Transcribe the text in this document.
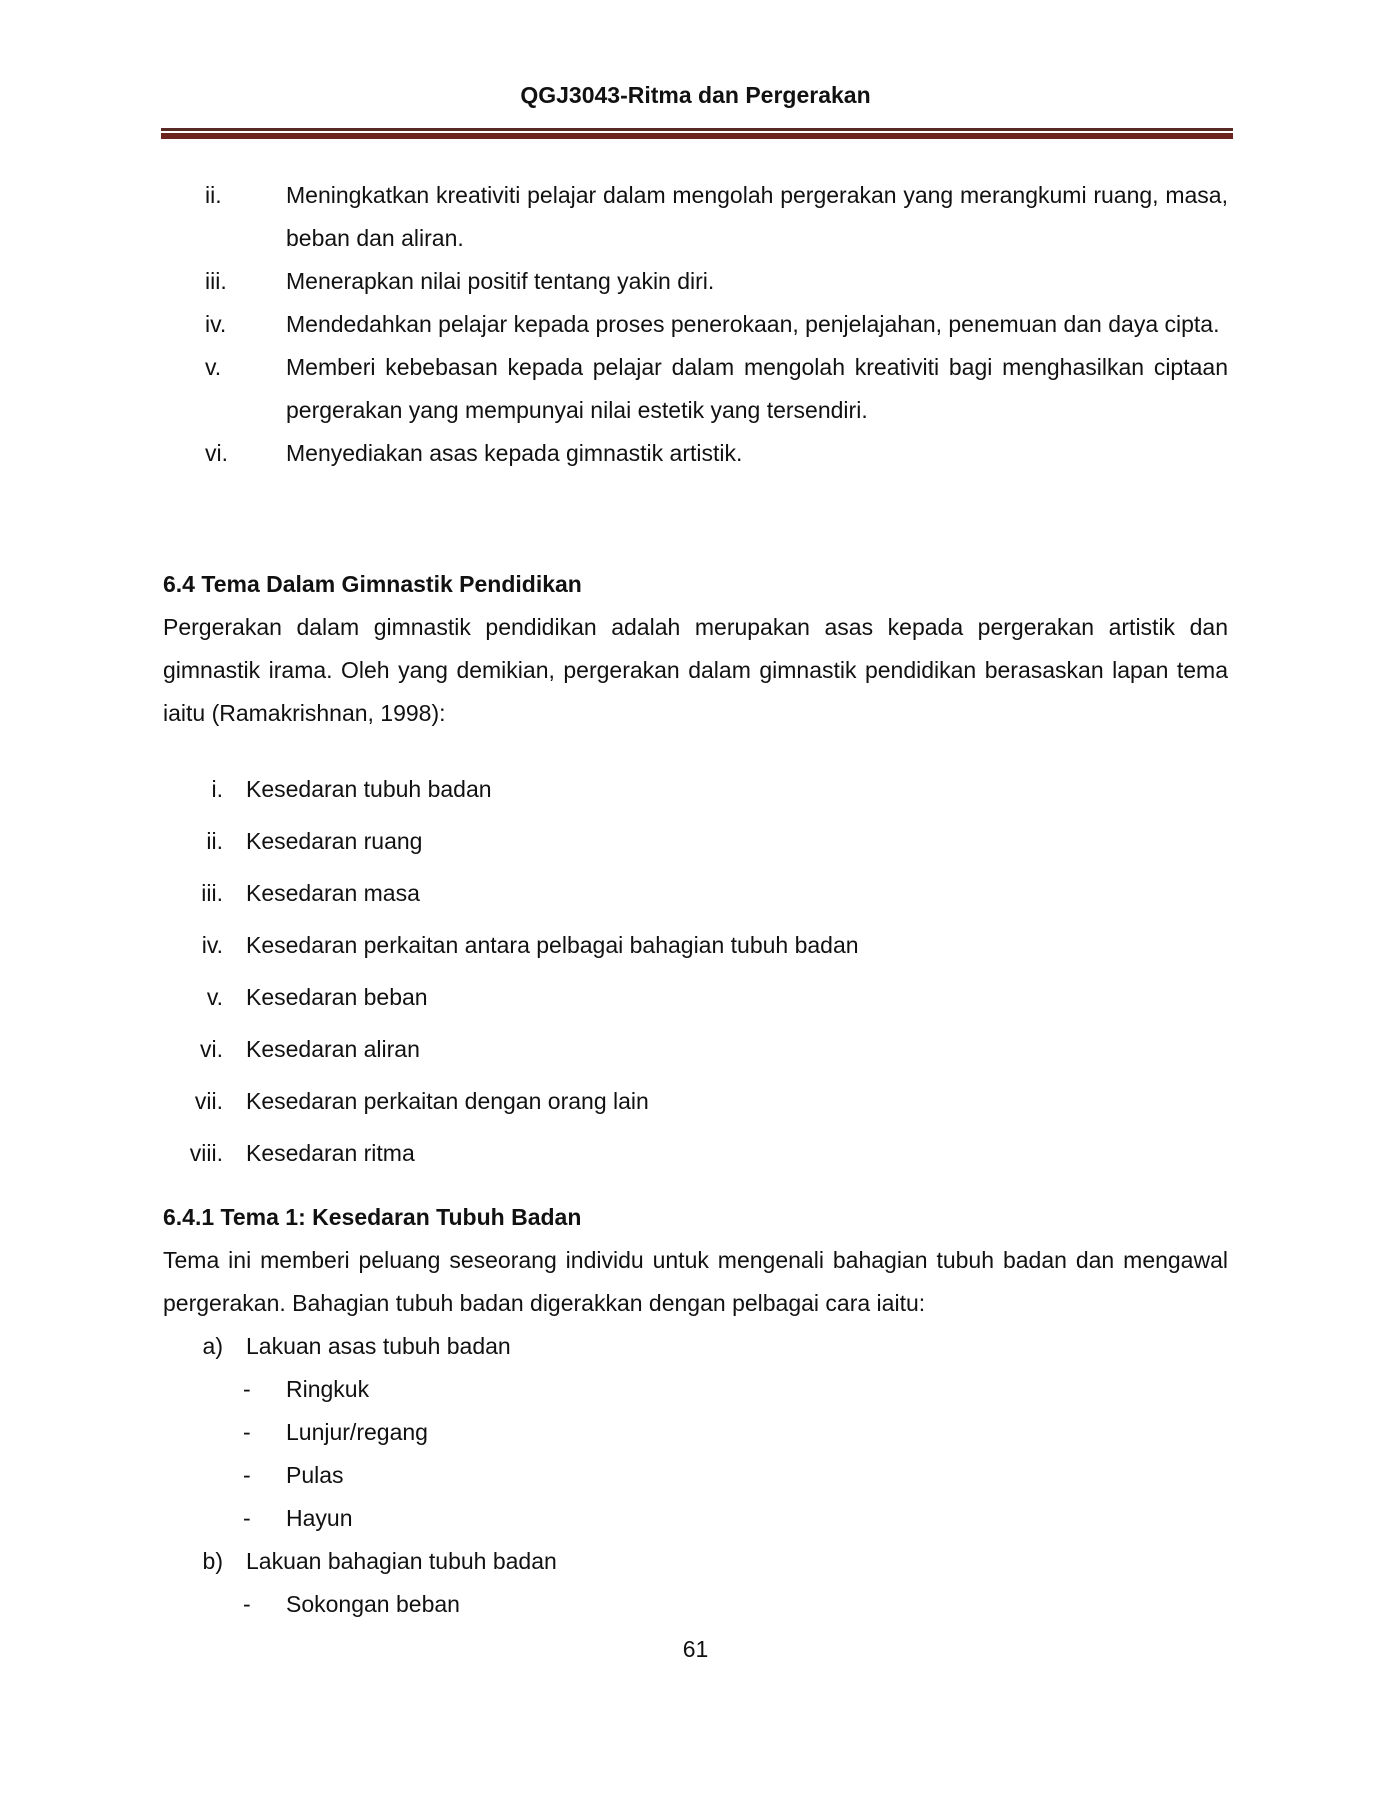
QGJ3043-Ritma dan Pergerakan
ii.	Meningkatkan kreativiti pelajar dalam mengolah pergerakan yang merangkumi ruang, masa, beban dan aliran.
iii.	Menerapkan nilai positif tentang yakin diri.
iv.	Mendedahkan pelajar kepada proses penerokaan, penjelajahan, penemuan dan daya cipta.
v.	Memberi kebebasan kepada pelajar dalam mengolah kreativiti bagi menghasilkan ciptaan pergerakan yang mempunyai nilai estetik yang tersendiri.
vi.	Menyediakan asas kepada gimnastik artistik.
6.4 Tema Dalam Gimnastik Pendidikan
Pergerakan dalam gimnastik pendidikan adalah merupakan asas kepada pergerakan artistik dan gimnastik irama. Oleh yang demikian, pergerakan dalam gimnastik pendidikan berasaskan lapan tema iaitu (Ramakrishnan, 1998):
i.	Kesedaran tubuh badan
ii.	Kesedaran ruang
iii.	Kesedaran masa
iv.	Kesedaran perkaitan antara pelbagai bahagian tubuh badan
v.	Kesedaran beban
vi.	Kesedaran aliran
vii.	Kesedaran perkaitan dengan orang lain
viii.	Kesedaran ritma
6.4.1 Tema 1: Kesedaran Tubuh Badan
Tema ini memberi peluang seseorang individu untuk mengenali bahagian tubuh badan dan mengawal pergerakan. Bahagian tubuh badan digerakkan dengan pelbagai cara iaitu:
a)	Lakuan asas tubuh badan
-	Ringkuk
-	Lunjur/regang
-	Pulas
-	Hayun
b)	Lakuan bahagian tubuh badan
-	Sokongan beban
61
